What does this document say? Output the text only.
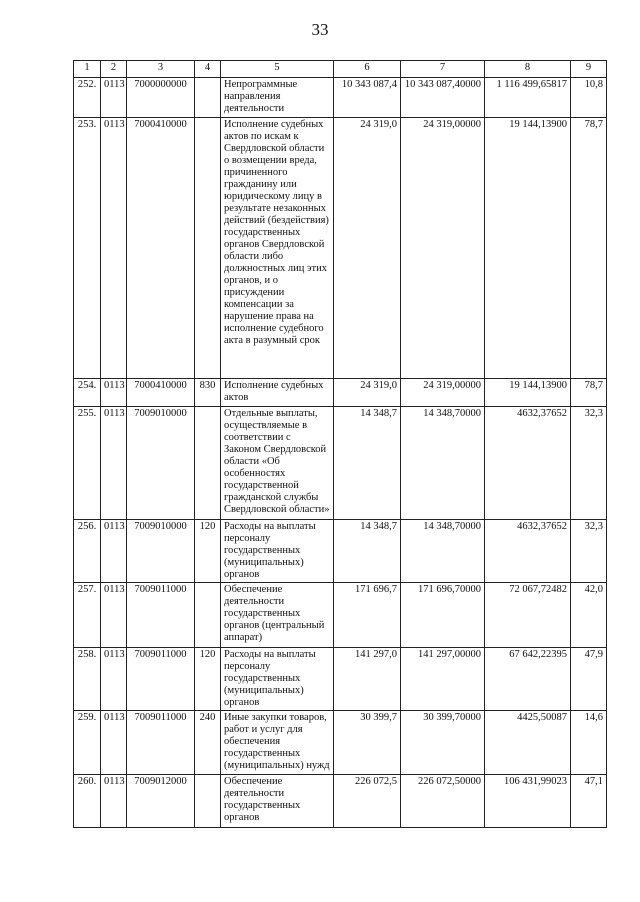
33
1	2	3	4	5	6	7	8	9
252.	0113	7000000000		Непрограммные направления деятельности	10 343 087,4	10 343 087,40000	1 116 499,65817	10,8
253.	0113	7000410000		Исполнение судебных актов по искам к Свердловской области о возмещении вреда, причиненного гражданину или юридическому лицу в результате незаконных действий (бездействия) государственных органов Свердловской области либо должностных лиц этих органов, и о присуждении компенсации за нарушение права на исполнение судебного акта в разумный срок	24 319,0	24 319,00000	19 144,13900	78,7
254.	0113	7000410000	830	Исполнение судебных актов	24 319,0	24 319,00000	19 144,13900	78,7
255.	0113	7009010000		Отдельные выплаты, осуществляемые в соответствии с Законом Свердловской области «Об особенностях государственной гражданской службы Свердловской области»	14 348,7	14 348,70000	4632,37652	32,3
256.	0113	7009010000	120	Расходы на выплаты персоналу государственных (муниципальных) органов	14 348,7	14 348,70000	4632,37652	32,3
257.	0113	7009011000		Обеспечение деятельности государственных органов (центральный аппарат)	171 696,7	171 696,70000	72 067,72482	42,0
258.	0113	7009011000	120	Расходы на выплаты персоналу государственных (муниципальных) органов	141 297,0	141 297,00000	67 642,22395	47,9
259.	0113	7009011000	240	Иные закупки товаров, работ и услуг для обеспечения государственных (муниципальных) нужд	30 399,7	30 399,70000	4425,50087	14,6
260.	0113	7009012000		Обеспечение деятельности государственных органов	226 072,5	226 072,50000	106 431,99023	47,1
